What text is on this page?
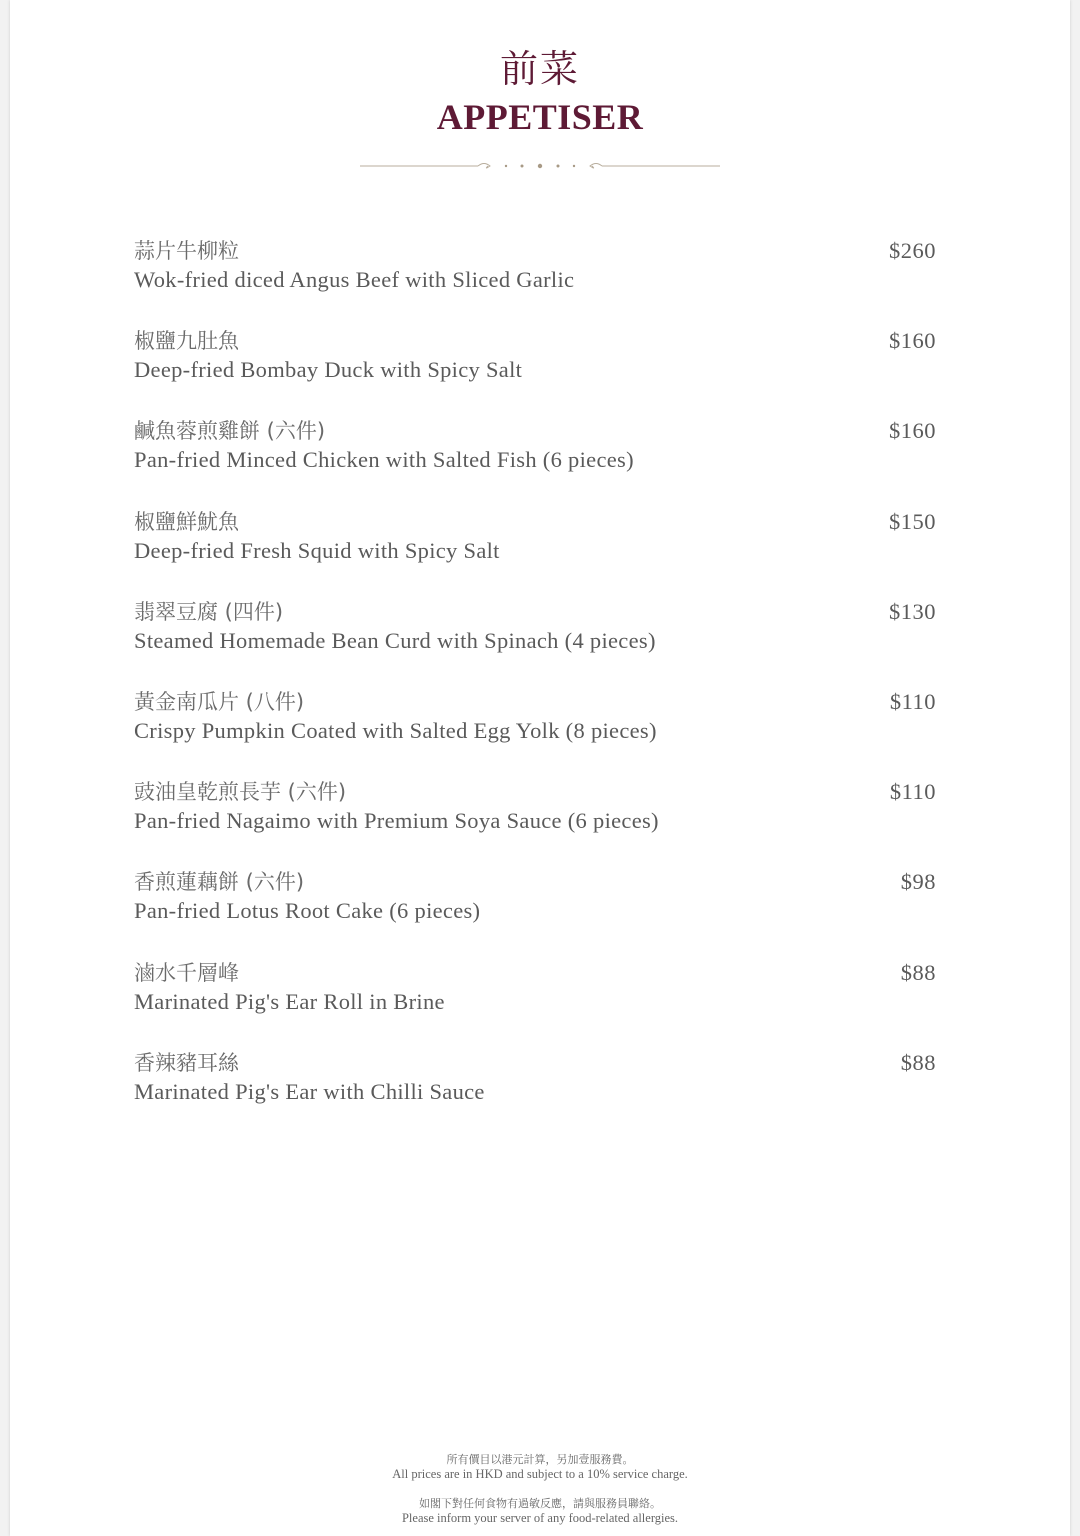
前菜
APPETISER
蒜片牛柳粒
Wok-fried diced Angus Beef with Sliced Garlic
$260
椒鹽九肚魚
Deep-fried Bombay Duck with Spicy Salt
$160
鹹魚蓉煎雞餅 (六件)
Pan-fried Minced Chicken with Salted Fish (6 pieces)
$160
椒鹽鮮魷魚
Deep-fried Fresh Squid with Spicy Salt
$150
翡翠豆腐 (四件)
Steamed Homemade Bean Curd with Spinach (4 pieces)
$130
黃金南瓜片 (八件)
Crispy Pumpkin Coated with Salted Egg Yolk (8 pieces)
$110
豉油皇乾煎長芋 (六件)
Pan-fried Nagaimo with Premium Soya Sauce (6 pieces)
$110
香煎蓮藕餅 (六件)
Pan-fried Lotus Root Cake (6 pieces)
$98
滷水千層峰
Marinated Pig's Ear Roll in Brine
$88
香辣豬耳絲
Marinated Pig's Ear with Chilli Sauce
$88
所有價目以港元計算，另加壹服務費。
All prices are in HKD and subject to a 10% service charge.
如閣下對任何食物有過敏反應，請與服務員聯絡。
Please inform your server of any food-related allergies.
